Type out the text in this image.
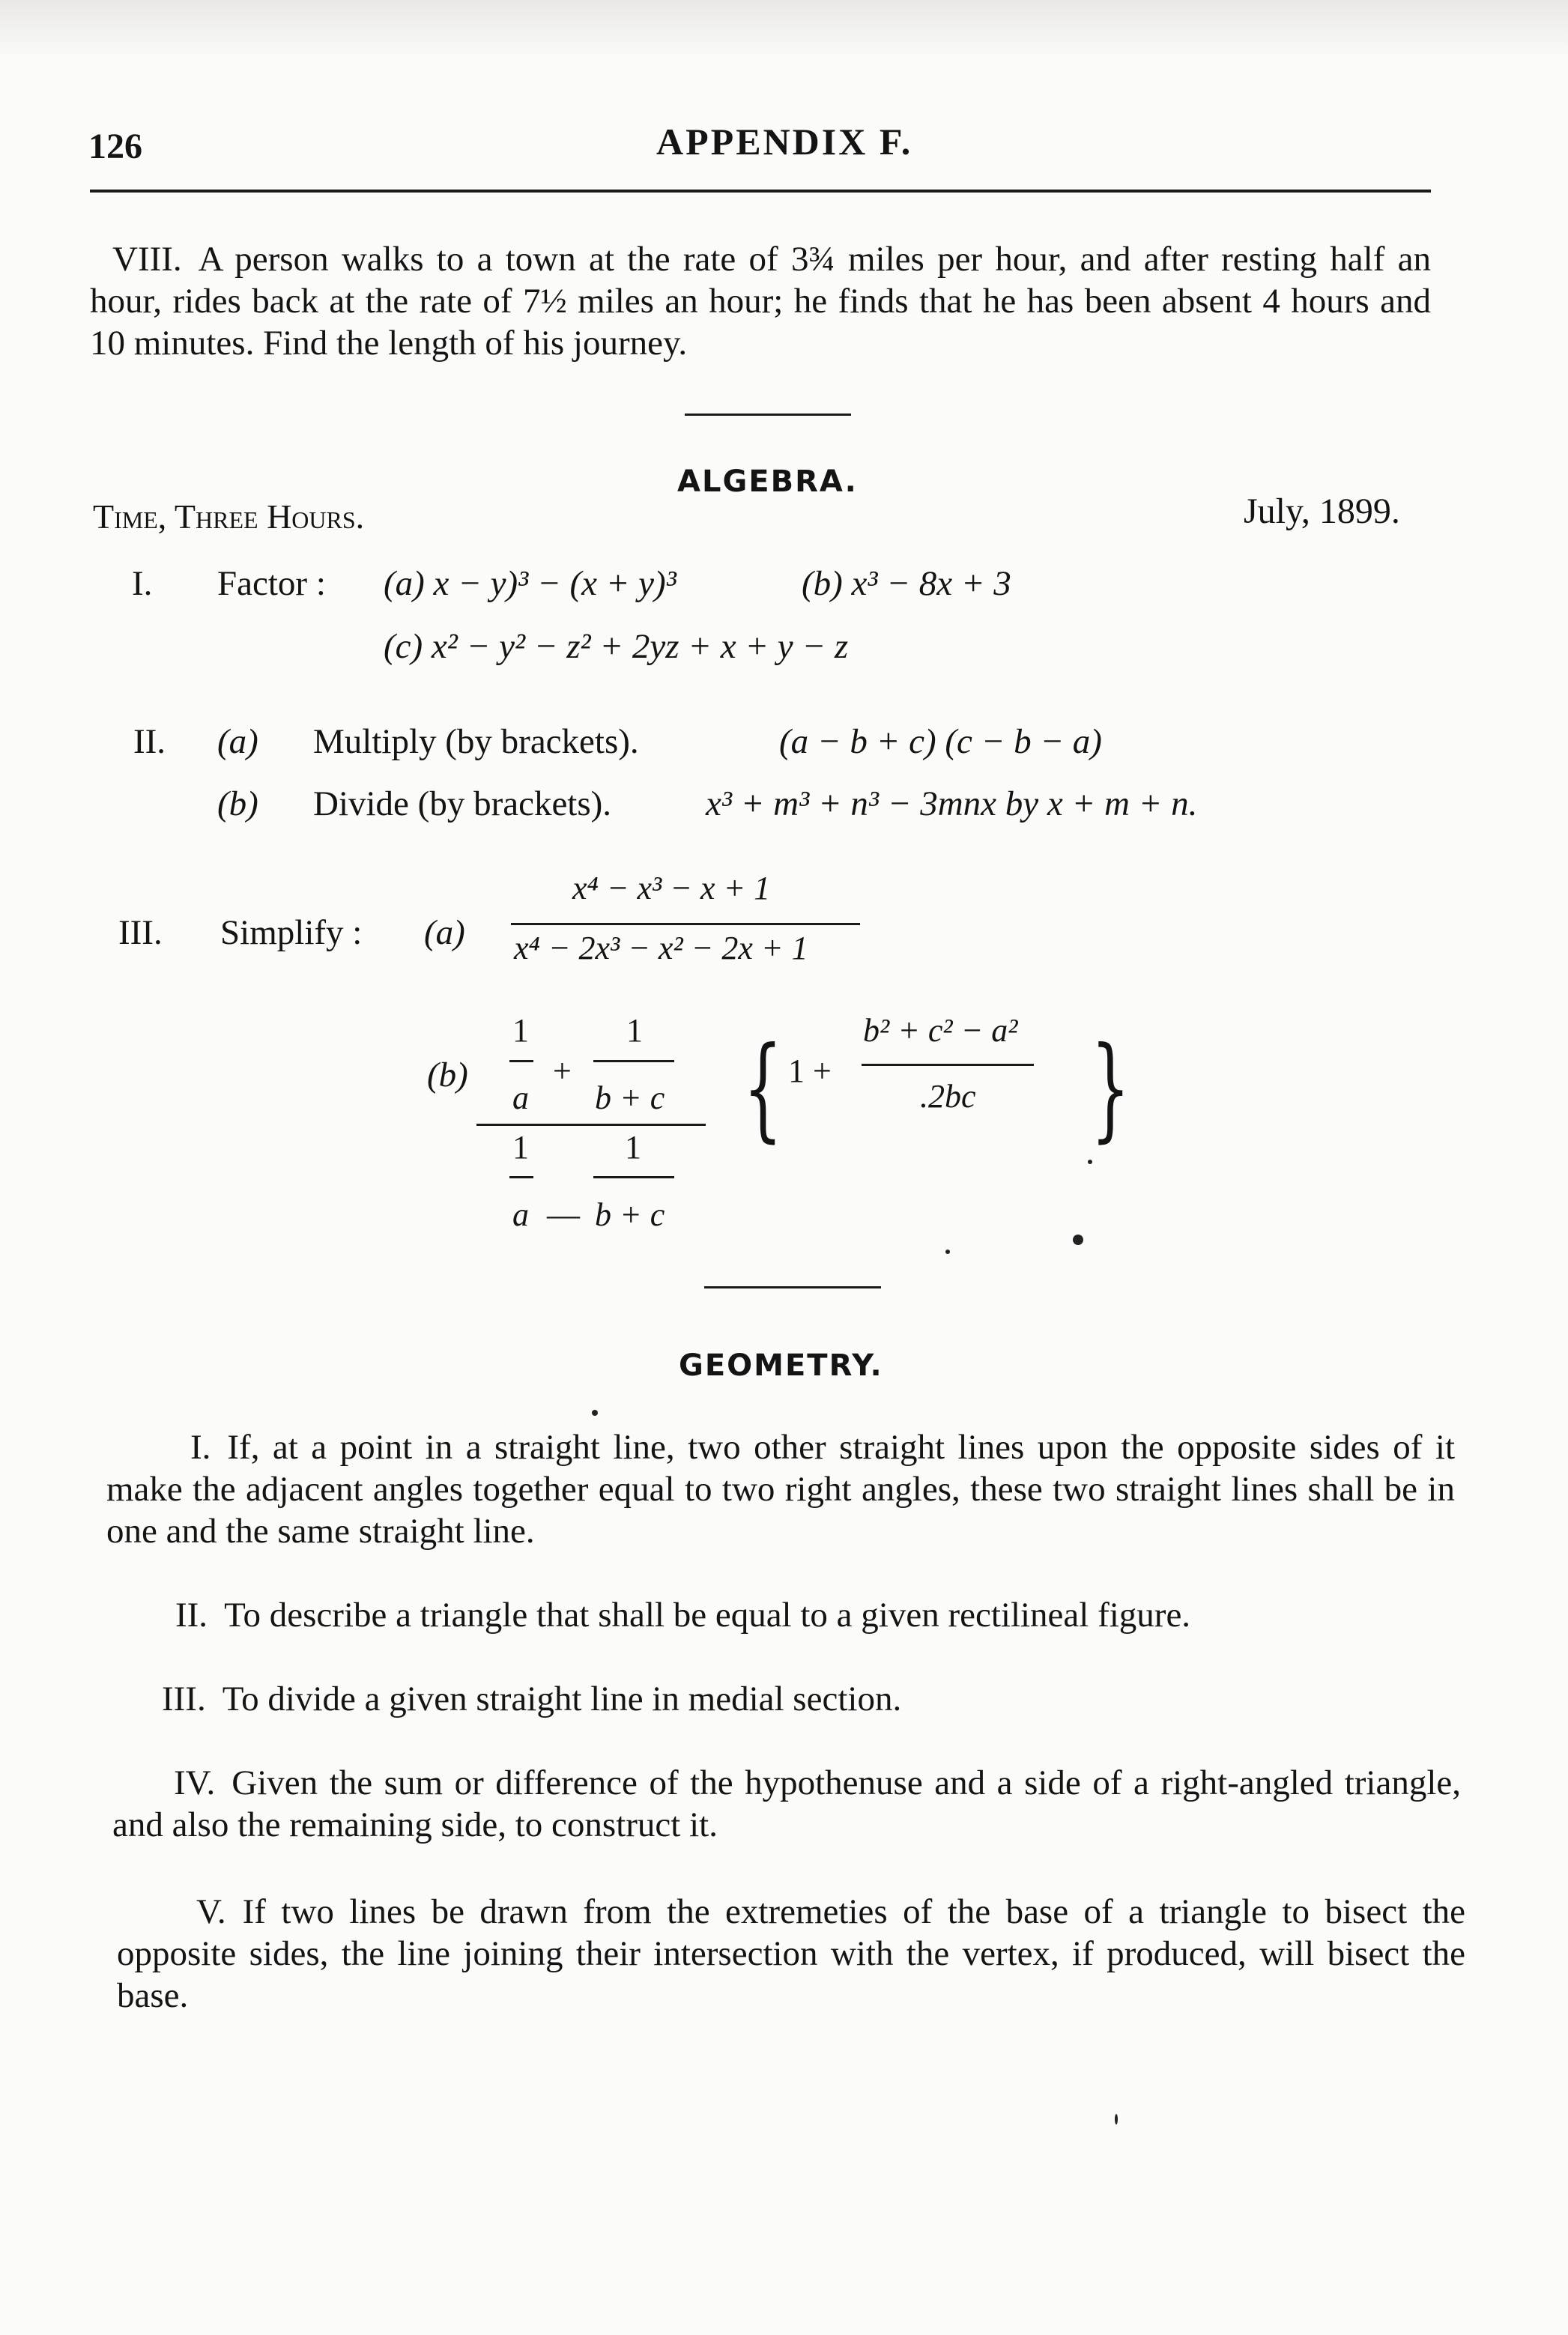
126	APPENDIX F.
VIII. A person walks to a town at the rate of 3¾ miles per hour, and after resting half an hour, rides back at the rate of 7½ miles an hour; he finds that he has been absent 4 hours and 10 minutes. Find the length of his journey.
ALGEBRA.
Time, Three Hours.	July, 1899.
I. Factor : (a) x − y)³ − (x + y)³	(b) x³ − 8x + 3
(c) x² − y² − z² + 2yz + x + y − z
II. (a) Multiply (by brackets).	(a − b + c) (c − b − a)
(b) Divide (by brackets).	x³ + m³ + n³ − 3mnx by x + m + n.
III. Simplify : (a)
x⁴ − x³ − x + 1
x⁴ − 2x³ − x² − 2x + 1
(b)
1	1
+
a b + c
1	1
a — b + c
{ 1 +
b² + c² − a²
.2bc }
GEOMETRY.
I. If, at a point in a straight line, two other straight lines upon the opposite sides of it make the adjacent angles together equal to two right angles, these two straight lines shall be in one and the same straight line.
II. To describe a triangle that shall be equal to a given rectilineal figure.
III. To divide a given straight line in medial section.
IV. Given the sum or difference of the hypothenuse and a side of a right-angled triangle, and also the remaining side, to construct it.
V. If two lines be drawn from the extremeties of the base of a triangle to bisect the opposite sides, the line joining their intersection with the vertex, if produced, will bisect the base.
